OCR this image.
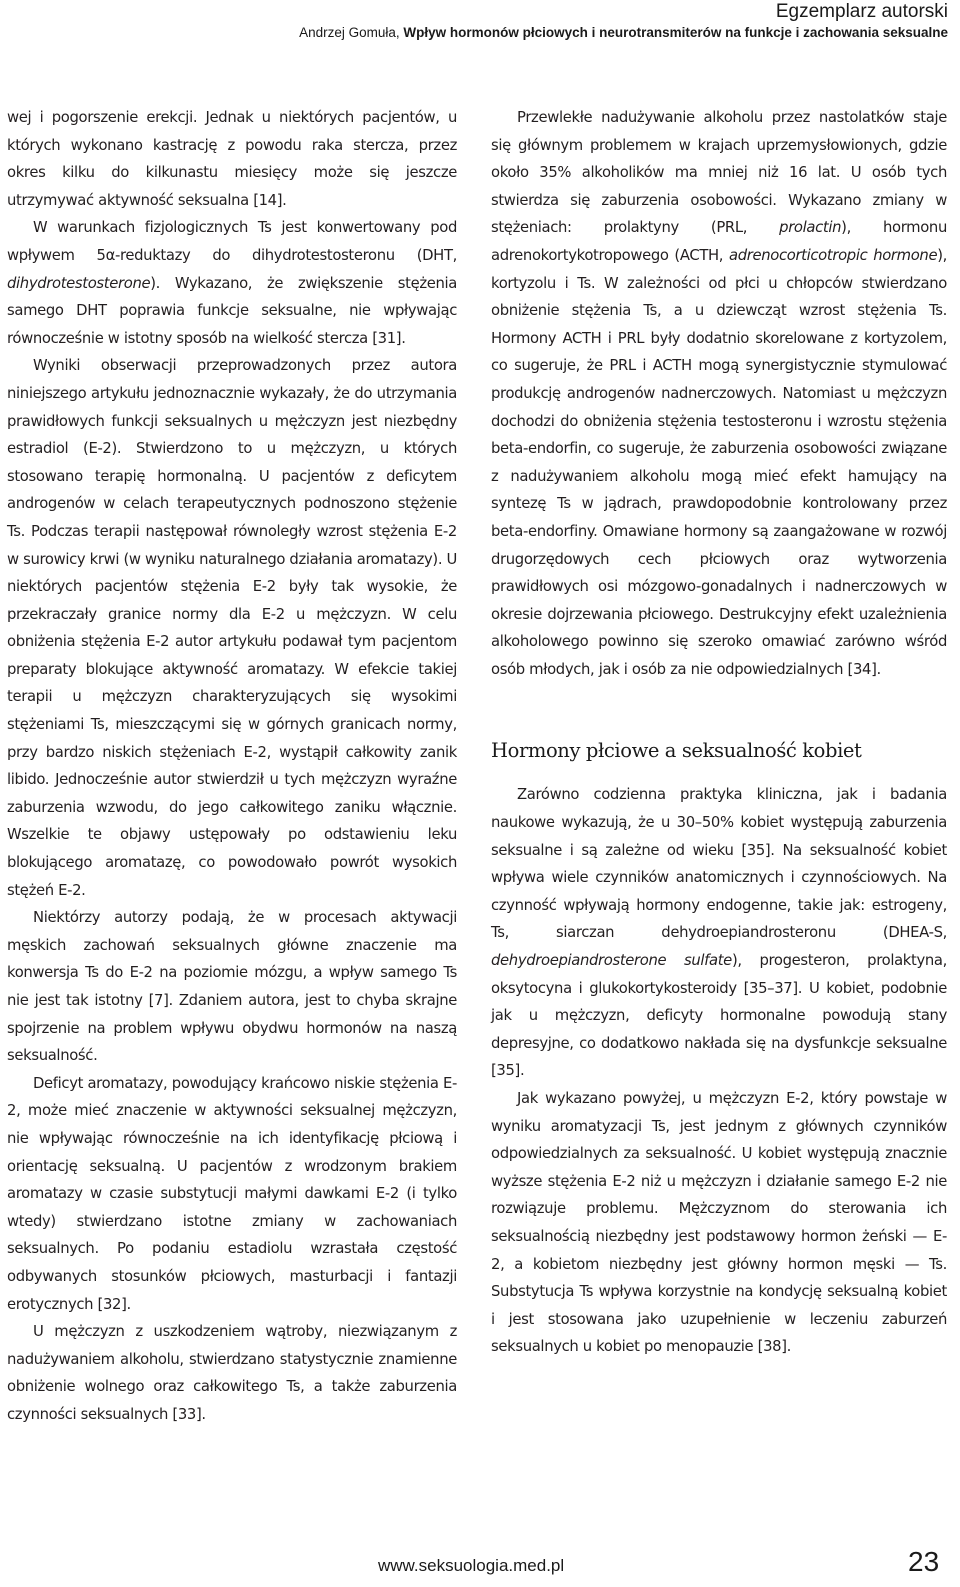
Egzemplarz autorski
Andrzej Gomuła, Wpływ hormonów płciowych i neurotransmiterów na funkcje i zachowania seksualne

wej i pogorszenie erekcji. Jednak u niektórych pacjentów, u których wykonano kastrację z powodu raka sterczа, przez okres kilku do kilkunastu miesięcy może się jeszcze utrzymywać aktywność seksualna [14].

W warunkach fizjologicznych Ts jest konwertowany pod wpływem 5α-reduktazy do dihydrotestosteronu (DHT, dihydrotestosterone). Wykazano, że zwiększenie stężenia samego DHT poprawia funkcje seksualne, nie wpływając równocześnie w istotny sposób na wielkość stercza [31].

Wyniki obserwacji przeprowadzonych przez autora niniejszego artykułu jednoznacznie wykazały, że do utrzymania prawidłowych funkcji seksualnych u mężczyzn jest niezbędny estradiol (E-2). Stwierdzono to u mężczyzn, u których stosowano terapię hormonalną. U pacjentów z deficytem androgenów w celach terapeutycznych podnoszono stężenie Ts. Podczas terapii następował równoległy wzrost stężenia E-2 w surowicy krwi (w wyniku naturalnego działania aromatazy). U niektórych pacjentów stężenia E-2 były tak wysokie, że przekraczały granice normy dla E-2 u mężczyzn. W celu obniżenia stężenia E-2 autor artykułu podawał tym pacjentom preparaty blokujące aktywność aromatazy. W efekcie takiej terapii u mężczyzn charakteryzujących się wysokimi stężeniami Ts, mieszczącymi się w górnych granicach normy, przy bardzo niskich stężeniach E-2, wystąpił całkowity zanik libido. Jednocześnie autor stwierdził u tych mężczyzn wyraźne zaburzenia wzwodu, do jego całkowitego zaniku włącznie. Wszelkie te objawy ustępowały po odstawieniu leku blokującego aromatazę, co powodowało powrót wysokich stężeń E-2.

Niektórzy autorzy podają, że w procesach aktywacji męskich zachowań seksualnych główne znaczenie ma konwersja Ts do E-2 na poziomie mózgu, a wpływ samego Ts nie jest tak istotny [7]. Zdaniem autora, jest to chyba skrajne spojrzenie na problem wpływu obydwu hormonów na naszą seksualność.

Deficyt aromatazy, powodujący krańcowo niskie stężenia E-2, może mieć znaczenie w aktywności seksualnej mężczyzn, nie wpływając równocześnie na ich identyfikację płciową i orientację seksualną. U pacjentów z wrodzonym brakiem aromatazy w czasie substytucji małymi dawkami E-2 (i tylko wtedy) stwierdzano istotne zmiany w zachowaniach seksualnych. Po podaniu estadiolu wzrastała częstość odbywanych stosunków płciowych, masturbacji i fantazji erotycznych [32].

U mężczyzn z uszkodzeniem wątroby, niezwiązanym z nadużywaniem alkoholu, stwierdzano statystycznie znamienne obniżenie wolnego oraz całkowitego Ts, a także zaburzenia czynności seksualnych [33].

Przewlekłe nadużywanie alkoholu przez nastolatków staje się głównym problemem w krajach uprzemysłowionych, gdzie około 35% alkoholików ma mniej niż 16 lat. U osób tych stwierdza się zaburzenia osobowości. Wykazano zmiany w stężeniach: prolaktyny (PRL, prolactin), hormonu adrenokortykotropowego (ACTH, adrenocorticotropic hormone), kortyzolu i Ts. W zależności od płci u chłopców stwierdzano obniżenie stężenia Ts, a u dziewcząt wzrost stężenia Ts. Hormony ACTH i PRL były dodatnio skorelowane z kortyzolem, co sugeruje, że PRL i ACTH mogą synergistycznie stymulować produkcję androgenów nadnerczowych. Natomiast u mężczyzn dochodzi do obniżenia stężenia testosteronu i wzrostu stężenia beta-endorfin, co sugeruje, że zaburzenia osobowości związane z nadużywaniem alkoholu mogą mieć efekt hamujący na syntezę Ts w jądrach, prawdopodobnie kontrolowany przez beta-endorfiny. Omawiane hormony są zaangażowane w rozwój drugorzędowych cech płciowych oraz wytworzenia prawidłowych osi mózgowo-gonadalnych i nadnerczowych w okresie dojrzewania płciowego. Destrukcyjny efekt uzależnienia alkoholowego powinno się szeroko omawiać zarówno wśród osób młodych, jak i osób za nie odpowiedzialnych [34].

Hormony płciowe a seksualność kobiet

Zarówno codzienna praktyka kliniczna, jak i badania naukowe wykazują, że u 30–50% kobiet występują zaburzenia seksualne i są zależne od wieku [35]. Na seksualność kobiet wpływa wiele czynników anatomicznych i czynnościowych. Na czynność wpływają hormony endogenne, takie jak: estrogeny, Ts, siarczan dehydroepiandrosteronu (DHEA-S, dehydroepiandrosterone sulfate), progesteron, prolaktyna, oksytocyna i glukokortykosteroidy [35–37]. U kobiet, podobnie jak u mężczyzn, deficyty hormonalne powodują stany depresyjne, co dodatkowo nakłada się na dysfunkcje seksualne [35].

Jak wykazano powyżej, u mężczyzn E-2, który powstaje w wyniku aromatyzacji Ts, jest jednym z głównych czynników odpowiedzialnych za seksualność. U kobiet występują znacznie wyższe stężenia E-2 niż u mężczyzn i działanie samego E-2 nie rozwiązuje problemu. Mężczyznom do sterowania ich seksualnością niezbędny jest podstawowy hormon żeński — E-2, a kobietom niezbędny jest główny hormon męski — Ts. Substytucja Ts wpływa korzystnie na kondycję seksualną kobiet i jest stosowana jako uzupełnienie w leczeniu zaburzeń seksualnych u kobiet po menopauzie [38].

www.seksuologia.med.pl	23
